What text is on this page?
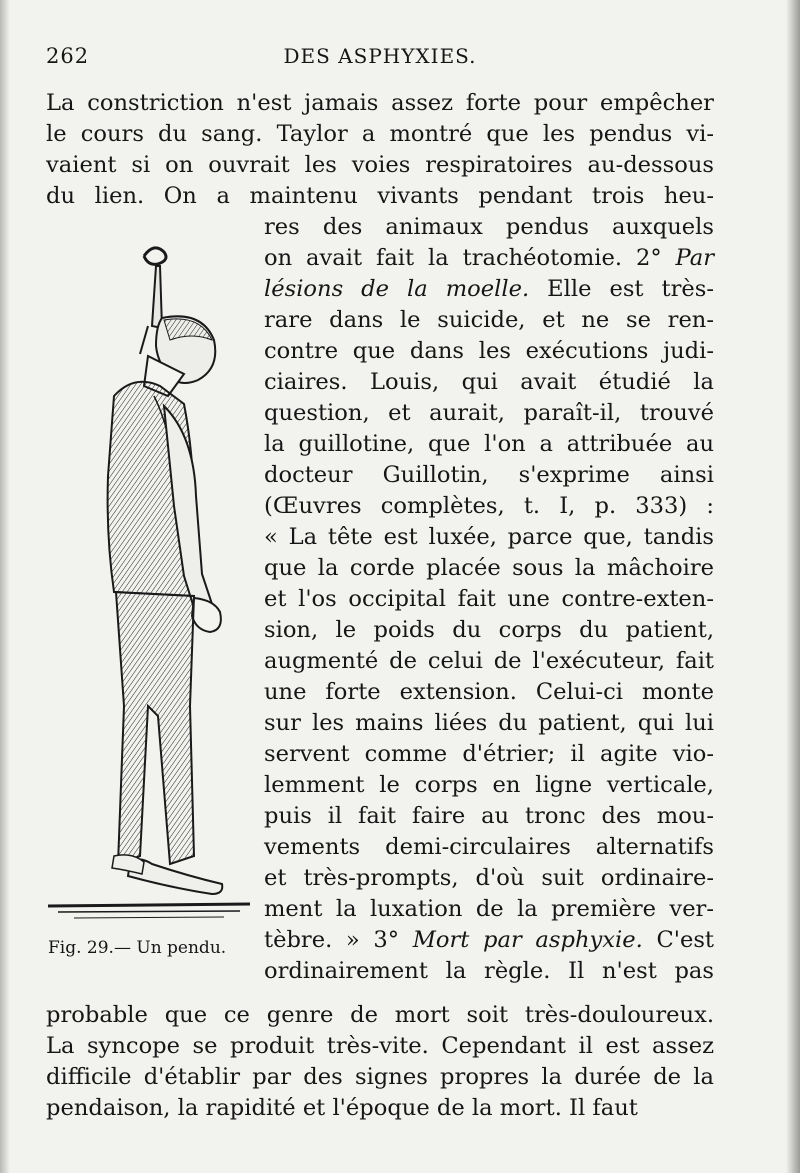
262	DES ASPHYXIES.
La constriction n'est jamais assez forte pour empêcher
le cours du sang. Taylor a montré que les pendus vi-
vaient si on ouvrait les voies respiratoires au-dessous
du lien. On a maintenu vivants pendant trois heu-
res des animaux pendus auxquels
on avait fait la trachéotomie. 2° Par
lésions de la moelle. Elle est très-
rare dans le suicide, et ne se ren-
contre que dans les exécutions judi-
ciaires. Louis, qui avait étudié la
question, et aurait, paraît-il, trouvé
la guillotine, que l'on a attribuée au
docteur Guillotin, s'exprime ainsi
(Œuvres complètes, t. I, p. 333) :
« La tête est luxée, parce que, tandis
que la corde placée sous la mâchoire
et l'os occipital fait une contre-exten-
sion, le poids du corps du patient,
augmenté de celui de l'exécuteur, fait
une forte extension. Celui-ci monte
sur les mains liées du patient, qui lui
servent comme d'étrier; il agite vio-
lemment le corps en ligne verticale,
puis il fait faire au tronc des mou-
vements demi-circulaires alternatifs
et très-prompts, d'où suit ordinaire-
ment la luxation de la première ver-
tèbre. » 3° Mort par asphyxie. C'est
ordinairement la règle. Il n'est pas
probable que ce genre de mort soit très-douloureux.
La syncope se produit très-vite. Cependant il est assez
difficile d'établir par des signes propres la durée de la
pendaison, la rapidité et l'époque de la mort. Il faut
Fig. 29.— Un pendu.
